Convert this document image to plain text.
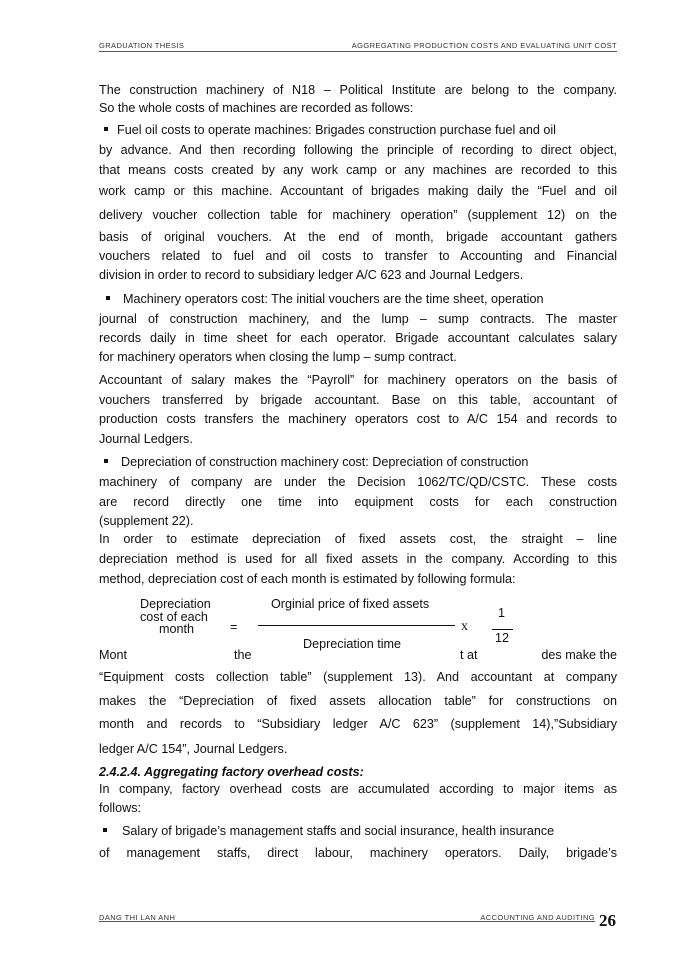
GRADUATION THESIS	AGGREGATING PRODUCTION COSTS AND EVALUATING UNIT COST
The construction machinery of N18 – Political Institute are belong to the company.
So the whole costs of machines are recorded as follows:
Fuel oil costs to operate machines: Brigades construction purchase fuel and oil
by advance. And then recording following the principle of recording to direct object,
that means costs created by any work camp or any machines are recorded to this
work camp or this machine. Accountant of brigades making daily the “Fuel and oil
delivery voucher collection table for machinery operation” (supplement 12) on the
basis of original vouchers. At the end of month, brigade accountant gathers
vouchers related to fuel and oil costs to transfer to Accounting and Financial
division in order to record to subsidiary ledger A/C 623 and Journal Ledgers.
Machinery operators cost: The initial vouchers are the time sheet, operation
journal of construction machinery, and the lump – sump contracts. The master
records daily in time sheet for each operator. Brigade accountant calculates salary
for machinery operators when closing the lump – sump contract.
Accountant of salary makes the “Payroll” for machinery operators on the basis of
vouchers transferred by brigade accountant. Base on this table, accountant of
production costs transfers the machinery operators cost to A/C 154 and records to
Journal Ledgers.
Depreciation of construction machinery cost: Depreciation of construction
machinery of company are under the Decision 1062/TC/QD/CSTC. These costs
are record directly one time into equipment costs for each construction
(supplement 22).
In order to estimate depreciation of fixed assets cost, the straight – line
depreciation method is used for all fixed assets in the company. According to this
method, depreciation cost of each month is estimated by following formula:
Depreciation
cost of each
month	=
Orginial price of fixed assets
Depreciation time
x
1
12
Mont	the	t at	des make the
“Equipment costs collection table” (supplement 13). And accountant at company
makes the “Depreciation of fixed assets allocation table” for constructions on
month and records to “Subsidiary ledger A/C 623” (supplement 14),”Subsidiary
ledger A/C 154”, Journal Ledgers.
2.4.2.4. Aggregating factory overhead costs:
In company, factory overhead costs are accumulated according to major items as
follows:
Salary of brigade’s management staffs and social insurance, health insurance
of management staffs, direct labour, machinery operators. Daily, brigade’s
DANG THI LAN ANH	ACCOUNTING AND AUDITING 26
